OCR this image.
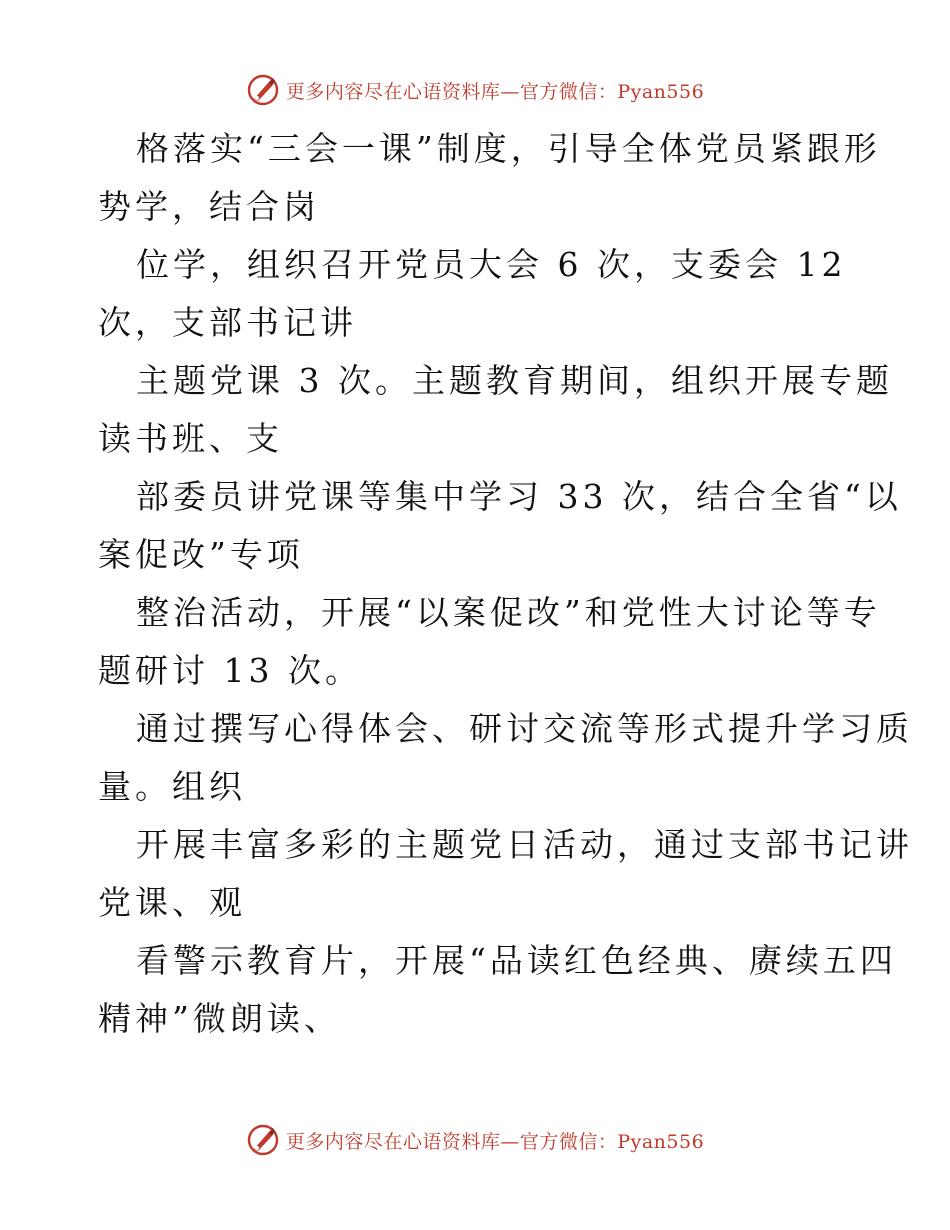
更多内容尽在心语资料库—官方微信：Pyan556
格落实“三会一课”制度，引导全体党员紧跟形
势学，结合岗
位学，组织召开党员大会 6 次，支委会 12
次，支部书记讲
主题党课 3 次。主题教育期间，组织开展专题
读书班、支
部委员讲党课等集中学习 33 次，结合全省“以
案促改”专项
整治活动，开展“以案促改”和党性大讨论等专
题研讨 13 次。
通过撰写心得体会、研讨交流等形式提升学习质
量。组织
开展丰富多彩的主题党日活动，通过支部书记讲
党课、观
看警示教育片，开展“品读红色经典、赓续五四
精神”微朗读、
更多内容尽在心语资料库—官方微信：Pyan556
